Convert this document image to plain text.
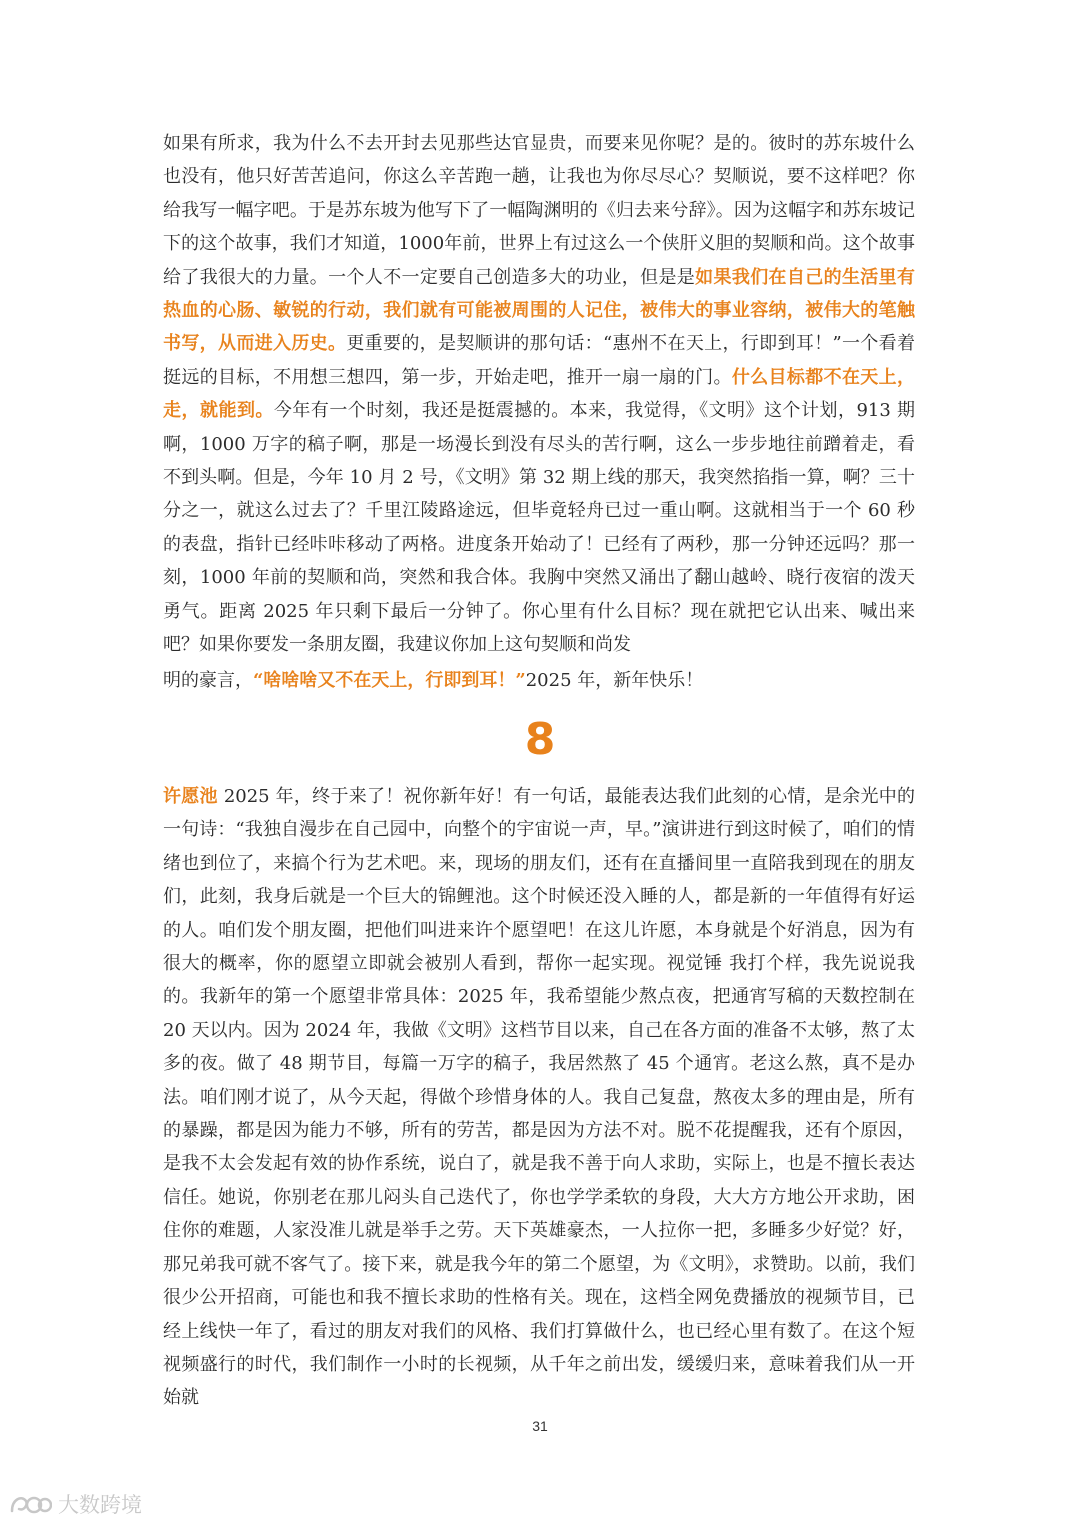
如果有所求，我为什么不去开封去见那些达官显贵，而要来见你呢？是的。彼时的苏东坡什么也没有，他只好苦苦追问，你这么辛苦跑一趟，让我也为你尽尽心？契顺说，要不这样吧？你给我写一幅字吧。于是苏东坡为他写下了一幅陶渊明的《归去来兮辞》。因为这幅字和苏东坡记下的这个故事，我们才知道，1000年前，世界上有过这么一个侠肝义胆的契顺和尚。这个故事给了我很大的力量。一个人不一定要自己创造多大的功业，但是是如果我们在自己的生活里有热血的心肠、敏锐的行动，我们就有可能被周围的人记住，被伟大的事业容纳，被伟大的笔触书写，从而进入历史。更重要的，是契顺讲的那句话：“惠州不在天上，行即到耳！”一个看着挺远的目标，不用想三想四，第一步，开始走吧，推开一扇一扇的门。什么目标都不在天上，走，就能到。今年有一个时刻，我还是挺震撼的。本来，我觉得，《文明》这个计划，913 期啊，1000 万字的稿子啊，那是一场漫长到没有尽头的苦行啊，这么一步步地往前蹭着走，看不到头啊。但是，今年 10 月 2 号，《文明》第 32 期上线的那天，我突然掐指一算，啊？三十分之一，就这么过去了？千里江陵路途远，但毕竟轻舟已过一重山啊。这就相当于一个 60 秒的表盘，指针已经咔咔移动了两格。进度条开始动了！已经有了两秒，那一分钟还远吗？那一刻，1000 年前的契顺和尚，突然和我合体。我胸中突然又涌出了翻山越岭、晓行夜宿的泼天勇气。距离 2025 年只剩下最后一分钟了。你心里有什么目标？现在就把它认出来、喊出来吧？如果你要发一条朋友圈，我建议你加上这句契顺和尚发

明的豪言，“啥啥啥又不在天上，行即到耳！”2025 年，新年快乐！

8

许愿池 2025 年，终于来了！祝你新年好！有一句话，最能表达我们此刻的心情，是余光中的一句诗：“我独自漫步在自己园中，向整个的宇宙说一声，早。”演讲进行到这时候了，咱们的情绪也到位了，来搞个行为艺术吧。来，现场的朋友们，还有在直播间里一直陪我到现在的朋友们，此刻，我身后就是一个巨大的锦鲤池。这个时候还没入睡的人，都是新的一年值得有好运的人。咱们发个朋友圈，把他们叫进来许个愿望吧！在这儿许愿，本身就是个好消息，因为有很大的概率，你的愿望立即就会被别人看到，帮你一起实现。视觉锤 我打个样，我先说说我的。我新年的第一个愿望非常具体：2025 年，我希望能少熬点夜，把通宵写稿的天数控制在 20 天以内。因为 2024 年，我做《文明》这档节目以来，自己在各方面的准备不太够，熬了太多的夜。做了 48 期节目，每篇一万字的稿子，我居然熬了 45 个通宵。老这么熬，真不是办法。咱们刚才说了，从今天起，得做个珍惜身体的人。我自己复盘，熬夜太多的理由是，所有的暴躁，都是因为能力不够，所有的劳苦，都是因为方法不对。脱不花提醒我，还有个原因，是我不太会发起有效的协作系统，说白了，就是我不善于向人求助，实际上，也是不擅长表达信任。她说，你别老在那儿闷头自己迭代了，你也学学柔软的身段，大大方方地公开求助，困住你的难题，人家没准儿就是举手之劳。天下英雄豪杰，一人拉你一把，多睡多少好觉？好，那兄弟我可就不客气了。接下来，就是我今年的第二个愿望，为《文明》，求赞助。以前，我们很少公开招商，可能也和我不擅长求助的性格有关。现在，这档全网免费播放的视频节目，已经上线快一年了，看过的朋友对我们的风格、我们打算做什么，也已经心里有数了。在这个短视频盛行的时代，我们制作一小时的长视频，从千年之前出发，缓缓归来，意味着我们从一开始就

31
大数跨境
